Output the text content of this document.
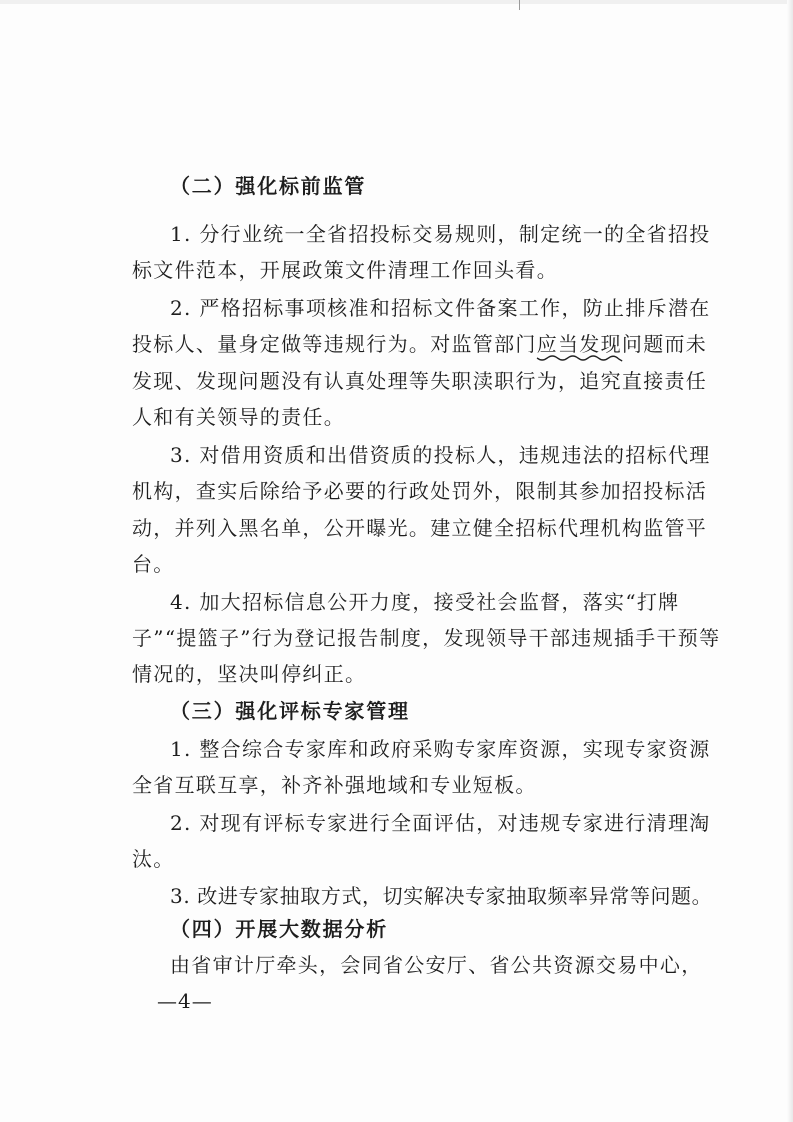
（二）强化标前监管
1. 分行业统一全省招投标交易规则，制定统一的全省招投
标文件范本，开展政策文件清理工作回头看。
2. 严格招标事项核准和招标文件备案工作，防止排斥潜在
投标人、量身定做等违规行为。对监管部门应当发现
问题而未
发现、发现问题没有认真处理等失职渎职行为，追究直接责任
人和有关领导的责任。
3. 对借用资质和出借资质的投标人，违规违法的招标代理
机构，查实后除给予必要的行政处罚外，限制其参加招投标活
动，并列入黑名单，公开曝光。建立健全招标代理机构监管平
台。
4. 加大招标信息公开力度，接受社会监督，落实“打牌
子”“提篮子”行为登记报告制度，发现领导干部违规插手干预等
情况的，坚决叫停纠正。
（三）强化评标专家管理
1. 整合综合专家库和政府采购专家库资源，实现专家资源
全省互联互享，补齐补强地域和专业短板。
2. 对现有评标专家进行全面评估，对违规专家进行清理淘
汰。
3. 改进专家抽取方式，切实解决专家抽取频率异常等问题。
（四）开展大数据分析
由省审计厅牵头，会同省公安厅、省公共资源交易中心，
—4—
